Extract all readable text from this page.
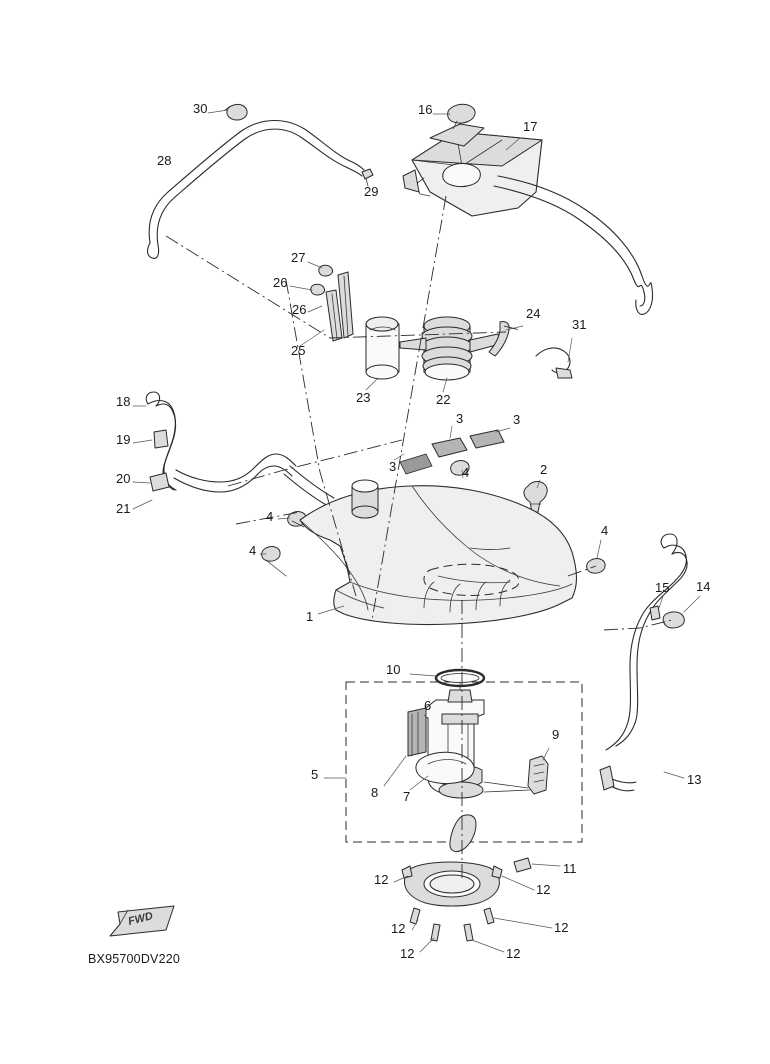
30	16
17
28
29
27
26
26	24
31
25
23	22
18
3	3
19
3	4	2
20
21
4
4
4
15 14
1
10
6
9
5	13
8 7
11
12
12
12	12
12	12
FWD
BX95700DV220
